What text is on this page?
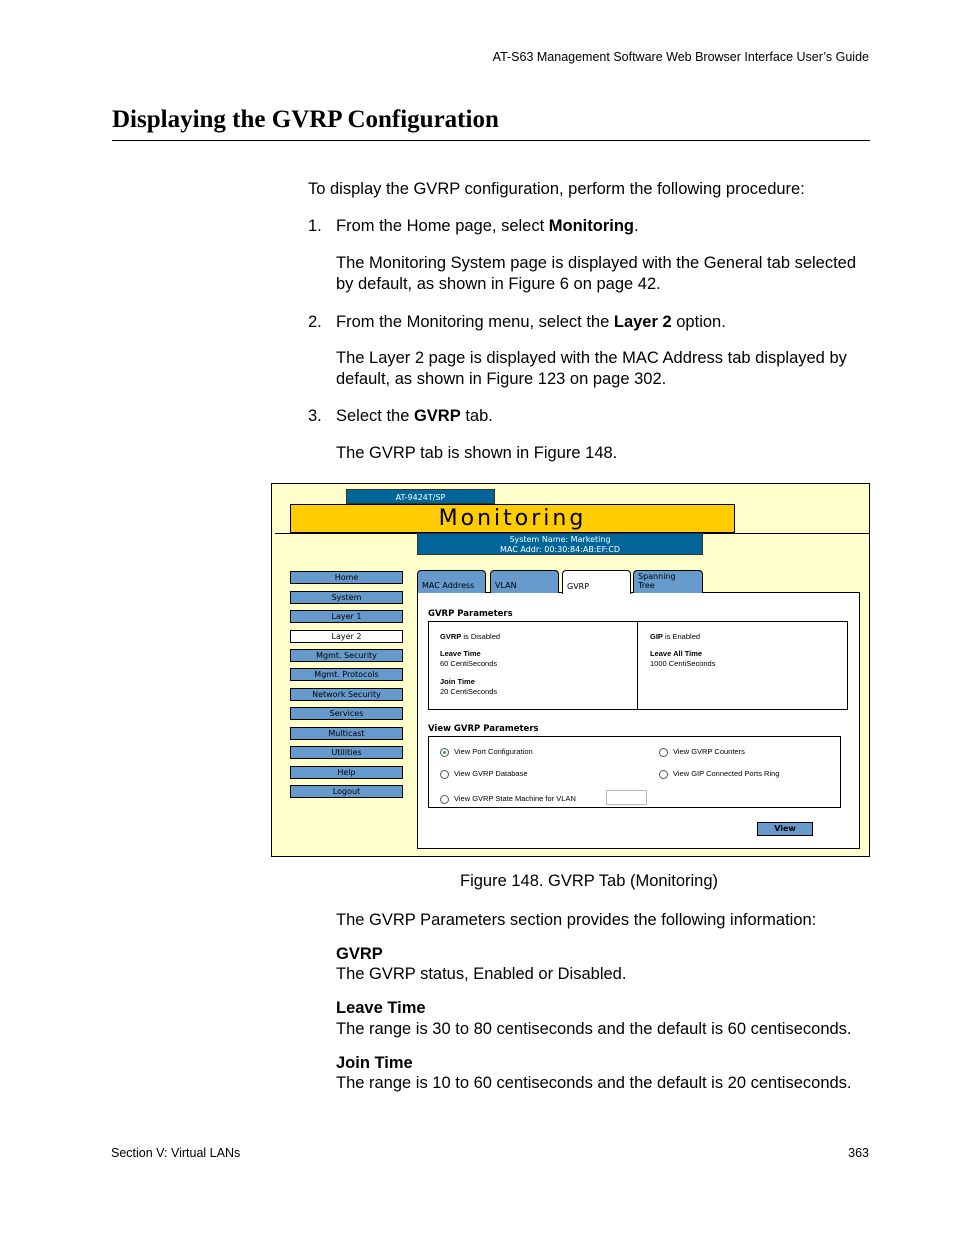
AT-S63 Management Software Web Browser Interface User’s Guide
Displaying the GVRP Configuration
To display the GVRP configuration, perform the following procedure:
1. From the Home page, select Monitoring.
The Monitoring System page is displayed with the General tab selected by default, as shown in Figure 6 on page 42.
2. From the Monitoring menu, select the Layer 2 option.
The Layer 2 page is displayed with the MAC Address tab displayed by default, as shown in Figure 123 on page 302.
3. Select the GVRP tab.
The GVRP tab is shown in Figure 148.
AT-9424T/SP
Monitoring
System Name: Marketing
MAC Addr: 00:30:84:AB:EF:CD
Home
System
Layer 1
Layer 2
Mgmt. Security
Mgmt. Protocols
Network Security
Services
Multicast
Utilities
Help
Logout
GVRP Parameters
GVRP is Disabled
Leave Time
60 CentiSeconds
Join Time
20 CentiSeconds
GIP is Enabled
Leave All Time
1000 CentiSeconds
View GVRP Parameters
View Port Configuration	View GVRP Counters
View GVRP Database	View GIP Connected Ports Ring
View GVRP State Machine for VLAN
View
MAC Address	VLAN	GVRP
Spanning Tree
Figure 148. GVRP Tab (Monitoring)
The GVRP Parameters section provides the following information:
GVRP
The GVRP status, Enabled or Disabled.
Leave Time
The range is 30 to 80 centiseconds and the default is 60 centiseconds.
Join Time
The range is 10 to 60 centiseconds and the default is 20 centiseconds.
Section V: Virtual LANs	363
